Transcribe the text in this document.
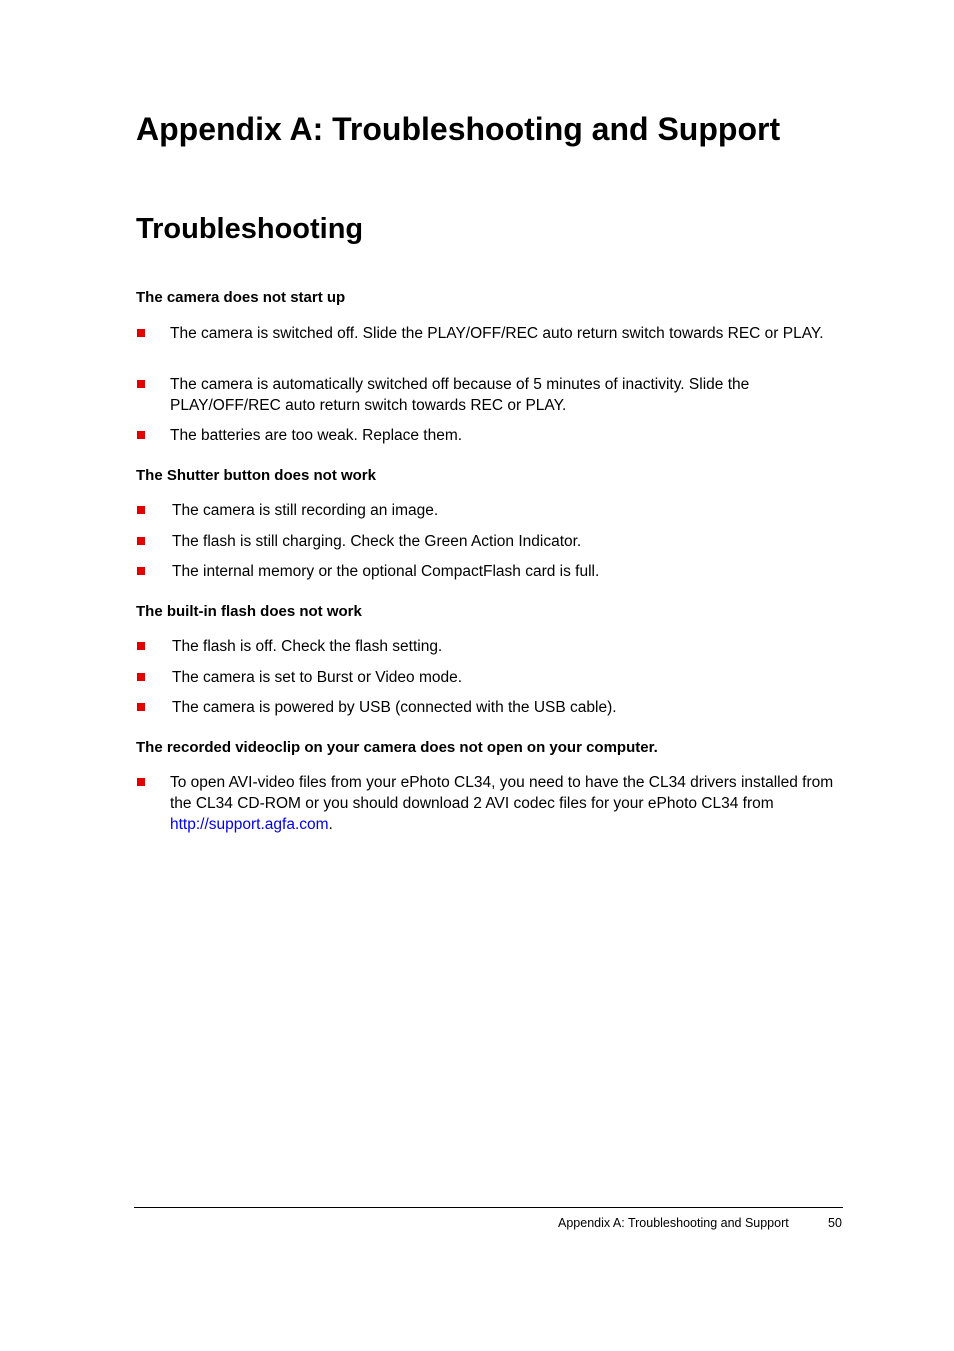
Appendix A: Troubleshooting and Support
Troubleshooting
The camera does not start up
The camera is switched off. Slide the PLAY/OFF/REC auto return switch towards REC or PLAY.
The camera is automatically switched off because of 5 minutes of inactivity. Slide the PLAY/OFF/REC auto return switch towards REC or PLAY.
The batteries are too weak. Replace them.
The Shutter button does not work
The camera is still recording an image.
The flash is still charging. Check the Green Action Indicator.
The internal memory or the optional CompactFlash card is full.
The built-in flash does not work
The flash is off. Check the flash setting.
The camera is set to Burst or Video mode.
The camera is powered by USB (connected with the USB cable).
The recorded videoclip on your camera does not open on your computer.
To open AVI-video files from your ePhoto CL34, you need to have the CL34 drivers installed from the CL34 CD-ROM or you should download 2 AVI codec files for your ePhoto CL34 from http://support.agfa.com.
Appendix A: Troubleshooting and Support	50
